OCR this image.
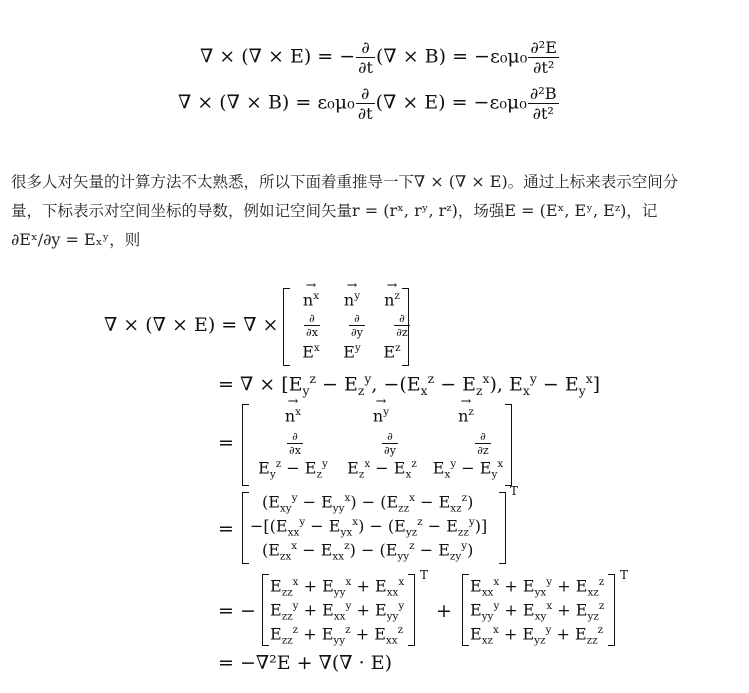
∇ × (∇ × E) = − $\frac{\partial}{\partial t}$ (∇ × $B) = -\varepsilon_0\mu_0 \frac{\text{∂²E}}{\text{∂t²}}$
∇ × (∇ × $B) = \varepsilon_0\mu_0 \frac{\partial}{\partial t}$ (∇ × $E) = -\varepsilon_0\mu_0 \frac{\text{∂²B}}{\text{∂t²}}$
很多人对矢量的计算方法不太熟悉，所以下面着重推导一下∇ × (∇ × E)。通过上标来表示空间分
量，下标表示对空间坐标的导数，例如记空间矢量r = (rˣ, rʸ, rᶻ)，场强E = (Eˣ, Eʸ, Eᶻ)，记
∂Eˣ/∂y = Eₓʸ，则
∇ × (∇ × E) = ∇ ×
→ $n^x\to n^y\to n^z$
$\frac{\partial}{\partial x}$	$\frac{\partial}{\partial y}$	$\frac{\partial}{\partial z}$
$E^x$ $E^y$ $E^z$
= ∇ × [$E_y^z - E_z^y$, $-(E_x^z - E_z^x)$, $E_x^y - E_y^x$]
=
→ $n^x\to$	$n^y\to$	$n^z$
$\frac{\partial}{\partial x}$	$\frac{\partial}{\partial y}$	$\frac{\partial}{\partial z}$
$E_y^z - E_z^y$ $E_z^x - E_x^z$ $E_x^y - E_y^x$
=
$(E_{xy}^y - E_{yy}^x) - (E_{zz}^x - E_{xz}^z)$
$-[(E_{xx}^y - E_{yx}^x) - (E_{yz}^z - E_{zz}^y)]$
$(E_{zx}^x - E_{xx}^z) - (E_{yy}^z - E_{zy}^y)$
T
= −
$E_{zz}^x + E_{yy}^x + E_{xx}^x$
$E_{zz}^y + E_{xx}^y + E_{yy}^y$
$E_{zz}^z + E_{yy}^z + E_{xx}^z$
T
+
$E_{xx}^x + E_{yx}^y + E_{xz}^z$
$E_{yy}^y + E_{xy}^x + E_{yz}^z$
$E_{xz}^x + E_{yz}^y + E_{zz}^z$
T
= −∇²E + ∇(∇ · E)
